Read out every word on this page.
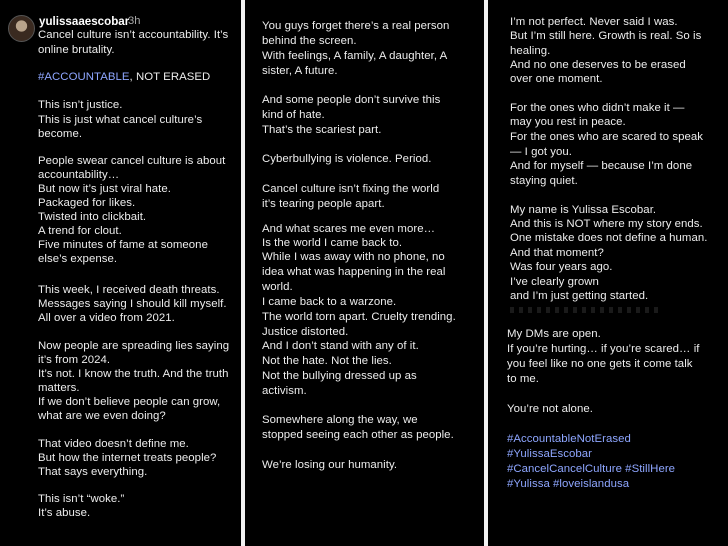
yulissaaescobar
3h
Cancel culture isn’t accountability. It’s
online brutality.
#ACCOUNTABLE, NOT ERASED
This isn’t justice.
This is just what cancel culture’s
become.
People swear cancel culture is about
accountability…
But now it’s just viral hate.
Packaged for likes.
Twisted into clickbait.
A trend for clout.
Five minutes of fame at someone
else’s expense.
This week, I received death threats.
Messages saying I should kill myself.
All over a video from 2021.
Now people are spreading lies saying
it’s from 2024.
It’s not. I know the truth. And the truth
matters.
If we don’t believe people can grow,
what are we even doing?
That video doesn’t define me.
But how the internet treats people?
That says everything.
This isn’t “woke.”
It’s abuse.
You guys forget there’s a real person
behind the screen.
With feelings, A family, A daughter, A
sister, A future.
And some people don’t survive this
kind of hate.
That’s the scariest part.
Cyberbullying is violence. Period.
Cancel culture isn’t fixing the world
it’s tearing people apart.
And what scares me even more…
Is the world I came back to.
While I was away with no phone, no
idea what was happening in the real
world.
I came back to a warzone.
The world torn apart. Cruelty trending.
Justice distorted.
And I don’t stand with any of it.
Not the hate. Not the lies.
Not the bullying dressed up as
activism.
Somewhere along the way, we
stopped seeing each other as people.
We’re losing our humanity.
I’m not perfect. Never said I was.
But I’m still here. Growth is real. So is
healing.
And no one deserves to be erased
over one moment.
For the ones who didn’t make it —
may you rest in peace.
For the ones who are scared to speak
— I got you.
And for myself — because I’m done
staying quiet.
My name is Yulissa Escobar.
And this is NOT where my story ends.
One mistake does not define a human.
And that moment?
Was four years ago.
I’ve clearly grown
and I’m just getting started.
My DMs are open.
If you’re hurting… if you’re scared… if
you feel like no one gets it come talk
to me.
You’re not alone.
#AccountableNotErased
#YulissaEscobar
#CancelCancelCulture #StillHere
#Yulissa #loveislandusa
